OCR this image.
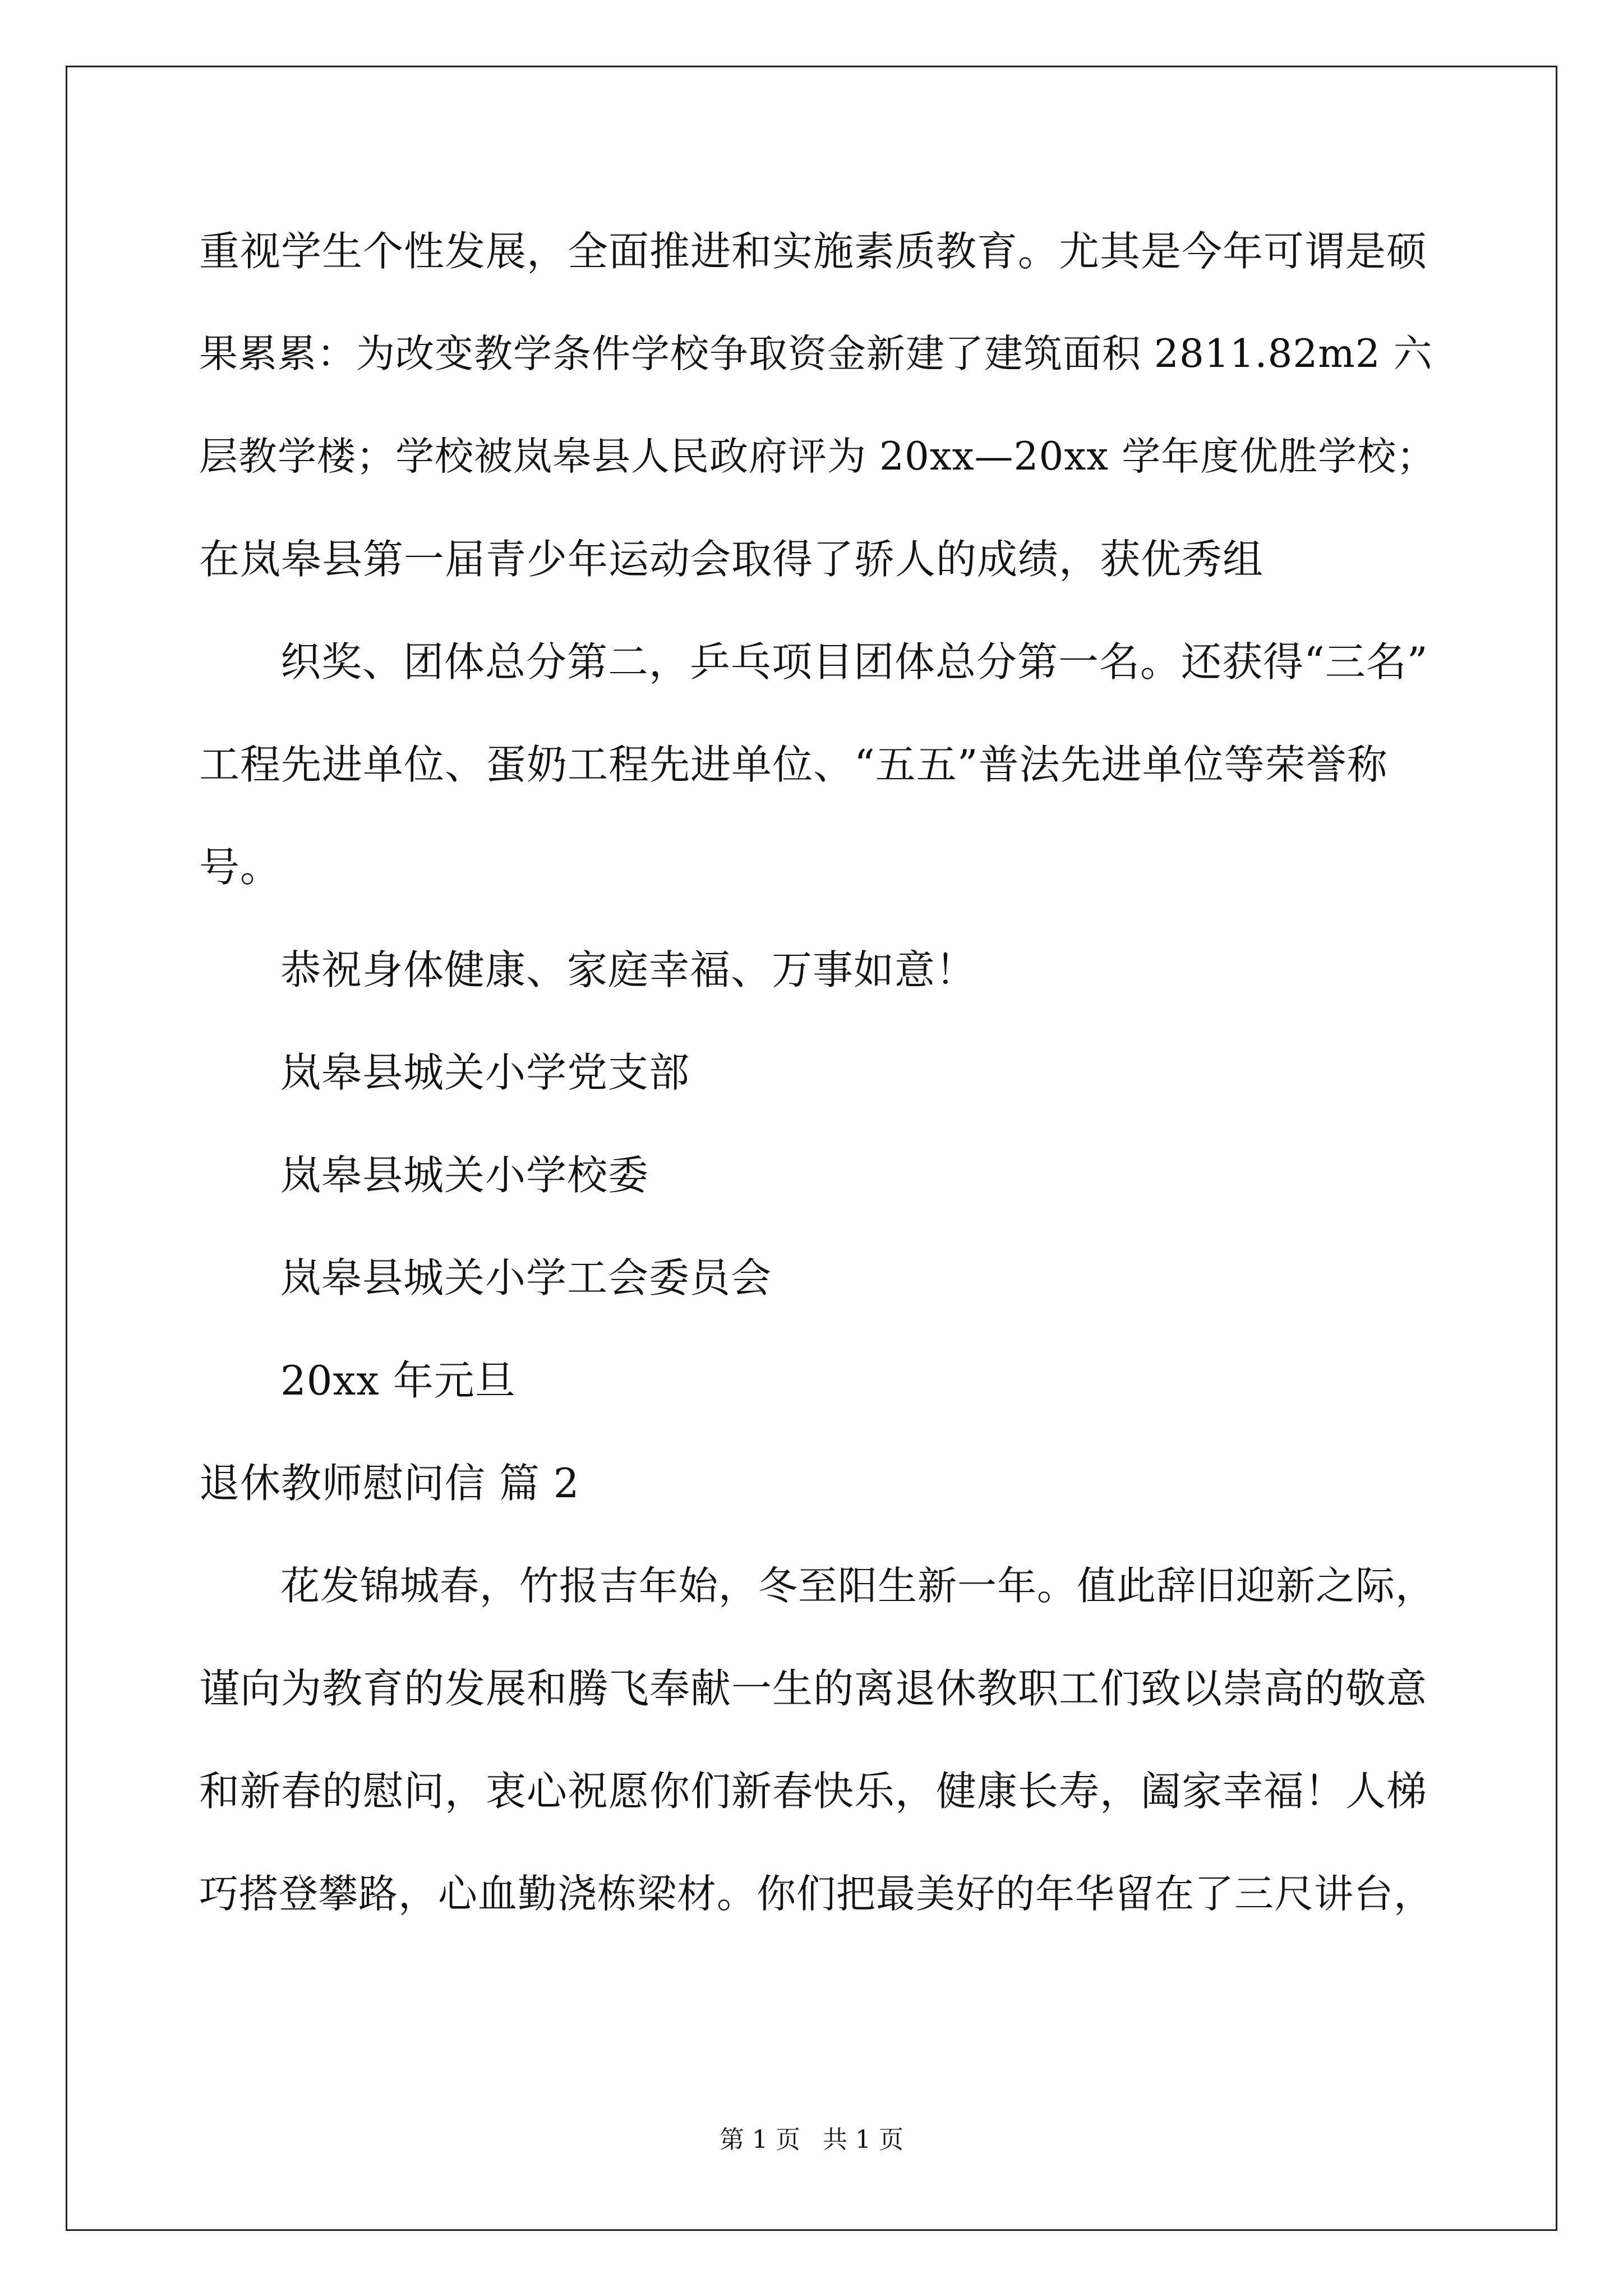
重视学生个性发展，全面推进和实施素质教育。尤其是今年可谓是硕
果累累：为改变教学条件学校争取资金新建了建筑面积 2811.82m2 六
层教学楼；学校被岚皋县人民政府评为 20xx—20xx 学年度优胜学校；
在岚皋县第一届青少年运动会取得了骄人的成绩，获优秀组
织奖、团体总分第二，乒乓项目团体总分第一名。还获得“三名”
工程先进单位、蛋奶工程先进单位、“五五”普法先进单位等荣誉称
号。
恭祝身体健康、家庭幸福、万事如意！
岚皋县城关小学党支部
岚皋县城关小学校委
岚皋县城关小学工会委员会
20xx 年元旦
退休教师慰问信 篇 2
花发锦城春，竹报吉年始，冬至阳生新一年。值此辞旧迎新之际，
谨向为教育的发展和腾飞奉献一生的离退休教职工们致以崇高的敬意
和新春的慰问，衷心祝愿你们新春快乐，健康长寿，阖家幸福！人梯
巧搭登攀路，心血勤浇栋梁材。你们把最美好的年华留在了三尺讲台，
第 1 页 共 1 页
